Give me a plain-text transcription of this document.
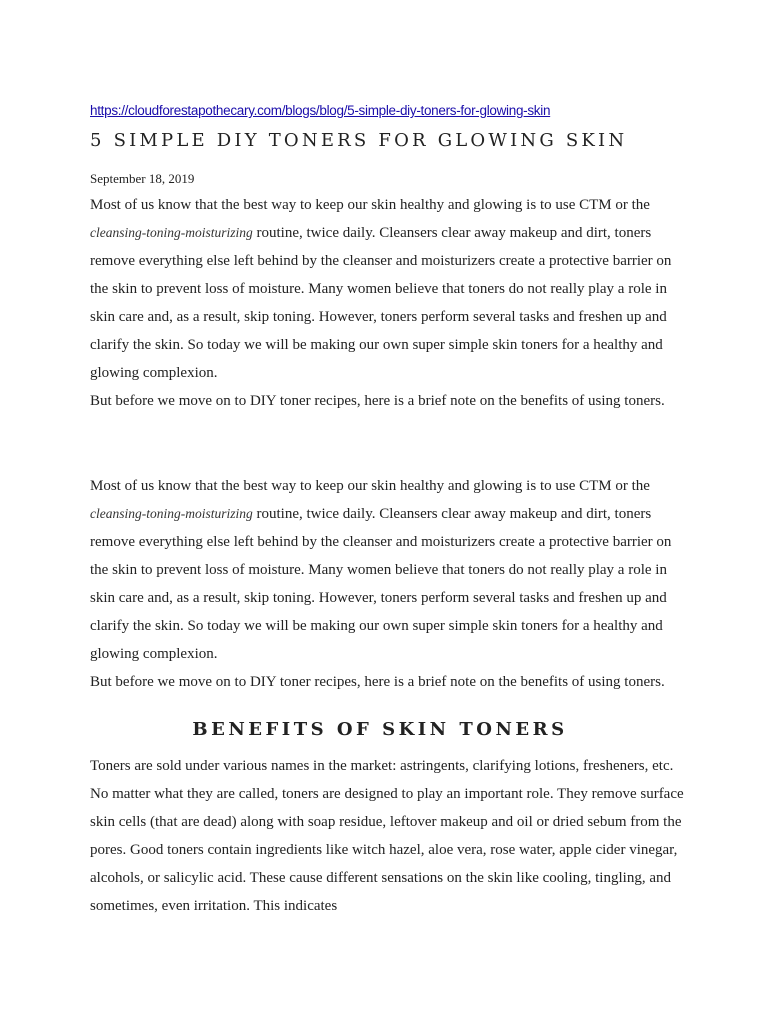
https://cloudforestapothecary.com/blogs/blog/5-simple-diy-toners-for-glowing-skin
5 SIMPLE DIY TONERS FOR GLOWING SKIN
September 18, 2019

Most of us know that the best way to keep our skin healthy and glowing is to use CTM or the cleansing-toning-moisturizing routine, twice daily. Cleansers clear away makeup and dirt, toners remove everything else left behind by the cleanser and moisturizers create a protective barrier on the skin to prevent loss of moisture. Many women believe that toners do not really play a role in skin care and, as a result, skip toning. However, toners perform several tasks and freshen up and clarify the skin. So today we will be making our own super simple skin toners for a healthy and glowing complexion.

But before we move on to DIY toner recipes, here is a brief note on the benefits of using toners.

Most of us know that the best way to keep our skin healthy and glowing is to use CTM or the cleansing-toning-moisturizing routine, twice daily. Cleansers clear away makeup and dirt, toners remove everything else left behind by the cleanser and moisturizers create a protective barrier on the skin to prevent loss of moisture. Many women believe that toners do not really play a role in skin care and, as a result, skip toning. However, toners perform several tasks and freshen up and clarify the skin. So today we will be making our own super simple skin toners for a healthy and glowing complexion.

But before we move on to DIY toner recipes, here is a brief note on the benefits of using toners.

BENEFITS OF SKIN TONERS

Toners are sold under various names in the market: astringents, clarifying lotions, fresheners, etc. No matter what they are called, toners are designed to play an important role. They remove surface skin cells (that are dead) along with soap residue, leftover makeup and oil or dried sebum from the pores. Good toners contain ingredients like witch hazel, aloe vera, rose water, apple cider vinegar, alcohols, or salicylic acid. These cause different sensations on the skin like cooling, tingling, and sometimes, even irritation. This indicates
